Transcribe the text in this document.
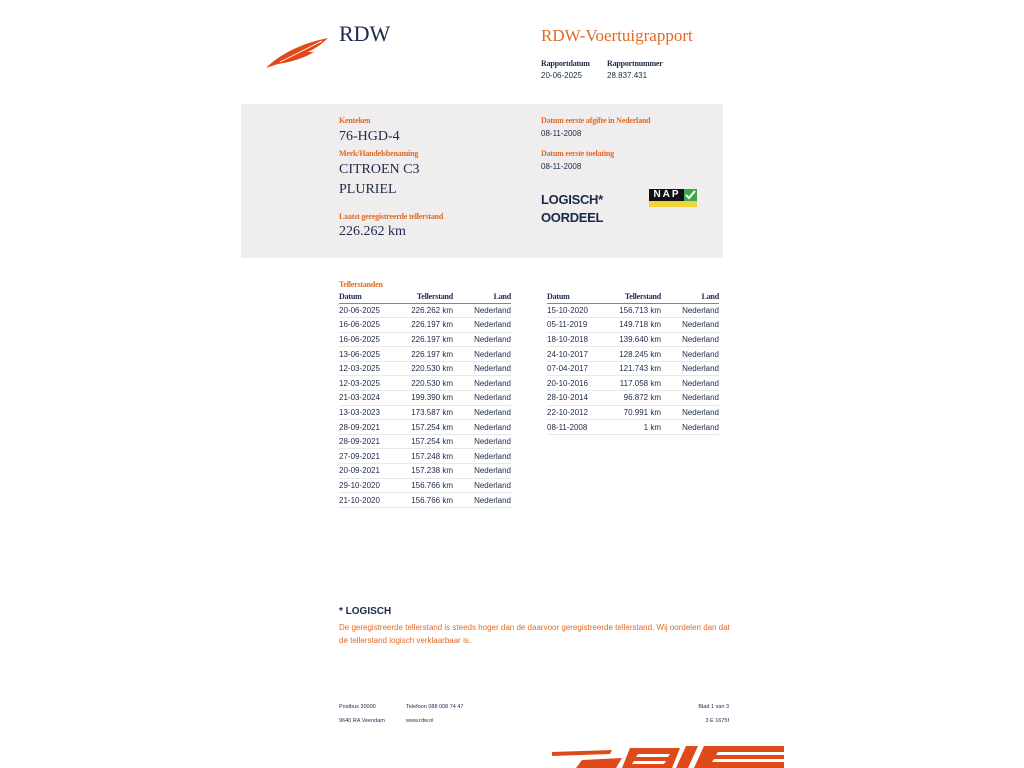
RDW	RDW-Voertuigrapport
Rapportdatum
20-06-2025
Rapportnummer
28.837.431
Kenteken
76-HGD-4
Merk/Handelsbenaming
CITROEN C3
PLURIEL
Laatst geregistreerde tellerstand
226.262 km
Datum eerste afgifte in Nederland
08-11-2008
Datum eerste toelating
08-11-2008
LOGISCH*
OORDEEL
NAP
Tellerstanden
Datum	Tellerstand	Land
20-06-2025	226.262 km	Nederland
16-06-2025	226.197 km	Nederland
16-06-2025	226.197 km	Nederland
13-06-2025	226.197 km	Nederland
12-03-2025	220.530 km	Nederland
12-03-2025	220.530 km	Nederland
21-03-2024	199.390 km	Nederland
13-03-2023	173.587 km	Nederland
28-09-2021	157.254 km	Nederland
28-09-2021	157.254 km	Nederland
27-09-2021	157.248 km	Nederland
20-09-2021	157.238 km	Nederland
29-10-2020	156.766 km	Nederland
21-10-2020	156.766 km	Nederland
Datum	Tellerstand	Land
15-10-2020	156.713 km	Nederland
05-11-2019	149.718 km	Nederland
18-10-2018	139.640 km	Nederland
24-10-2017	128.245 km	Nederland
07-04-2017	121.743 km	Nederland
20-10-2016	117.058 km	Nederland
28-10-2014	96.872 km	Nederland
22-10-2012	70.991 km	Nederland
08-11-2008	1 km	Nederland
* LOGISCH
De geregistreerde tellerstand is steeds hoger dan de daarvoor geregistreerde tellerstand. Wij oordelen dan dat de tellerstand logisch verklaarbaar is.
Postbus 30000
9640 RA Veendam
Telefoon 088 008 74 47
www.rdw.nl
Blad 1 van 3
3 E 1675f
